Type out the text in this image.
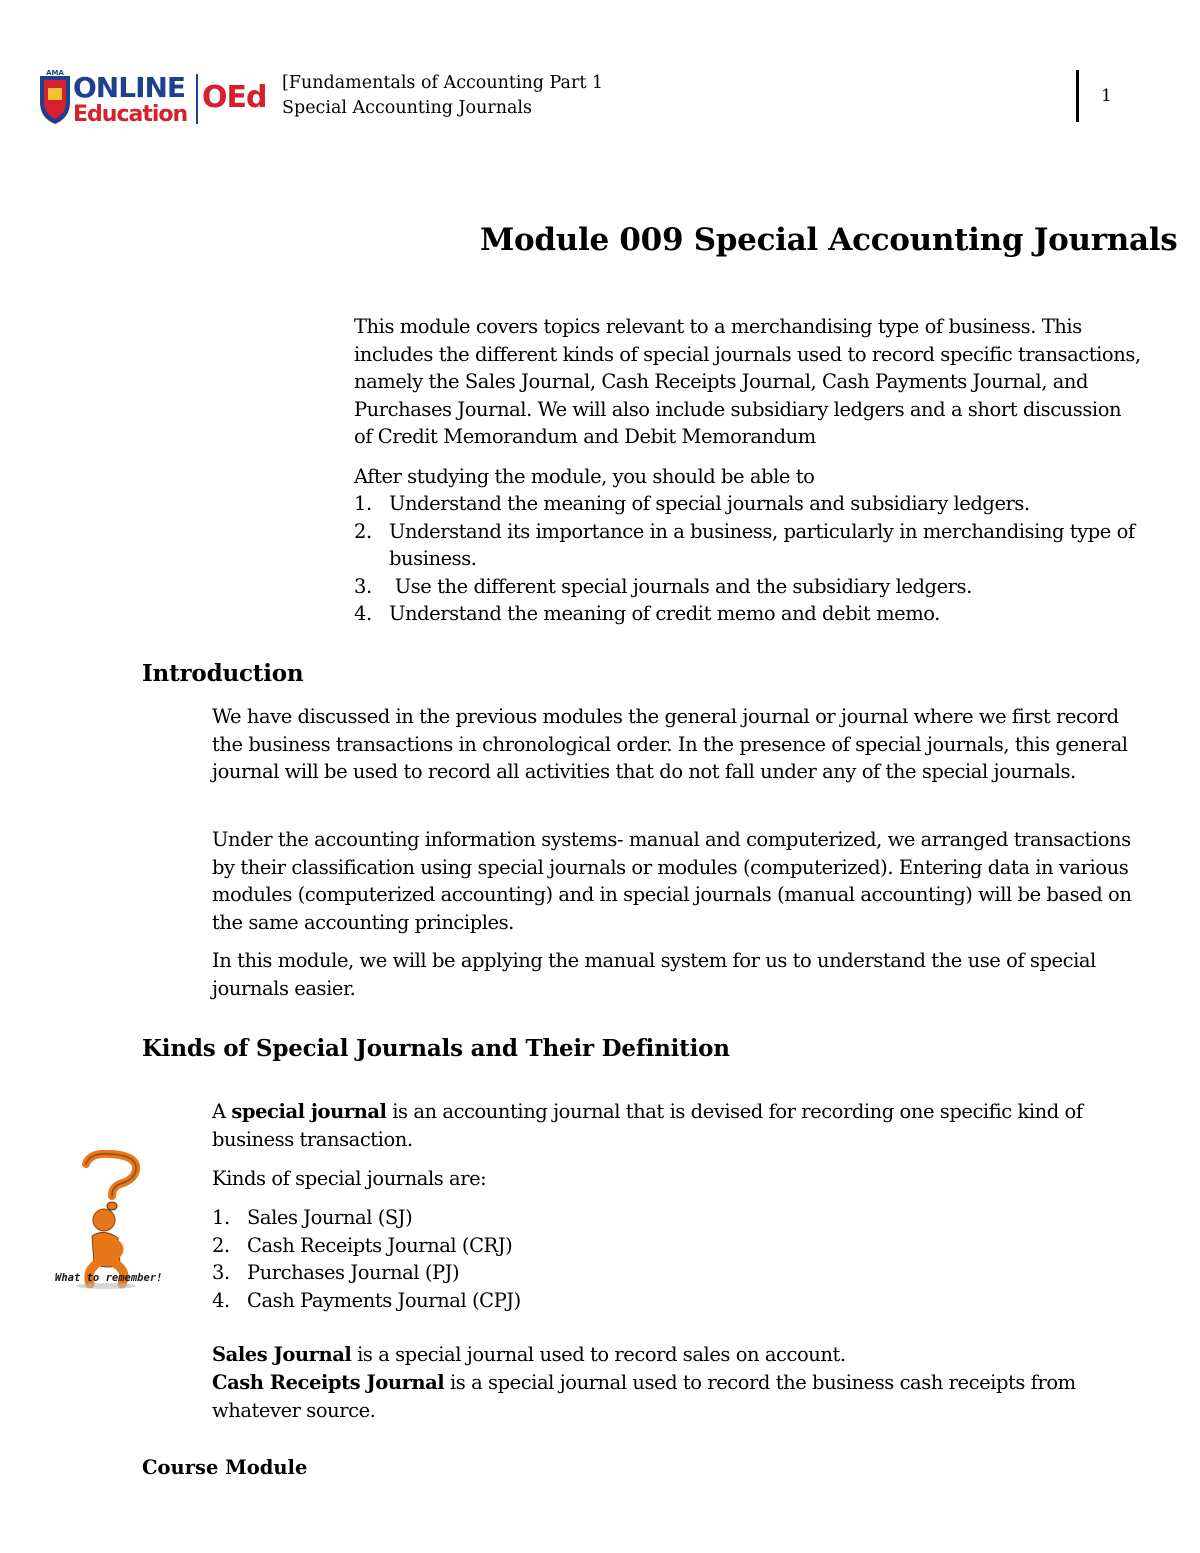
AMA ONLINE
Education OEd [Fundamentals of Accounting Part 1
Special Accounting Journals
1
Module 009 Special Accounting Journals

This module covers topics relevant to a merchandising type of business. This includes the different kinds of special journals used to record specific transactions, namely the Sales Journal, Cash Receipts Journal, Cash Payments Journal, and Purchases Journal. We will also include subsidiary ledgers and a short discussion of Credit Memorandum and Debit Memorandum

After studying the module, you should be able to

1. Understand the meaning of special journals and subsidiary ledgers.
2. Understand its importance in a business, particularly in merchandising type of business.
3. Use the different special journals and the subsidiary ledgers.
4. Understand the meaning of credit memo and debit memo.
Introduction

We have discussed in the previous modules the general journal or journal where we first record the business transactions in chronological order. In the presence of special journals, this general journal will be used to record all activities that do not fall under any of the special journals.

Under the accounting information systems- manual and computerized, we arranged transactions by their classification using special journals or modules (computerized). Entering data in various modules (computerized accounting) and in special journals (manual accounting) will be based on the same accounting principles.

In this module, we will be applying the manual system for us to understand the use of special journals easier.

Kinds of Special Journals and Their Definition

A special journal is an accounting journal that is devised for recording one specific kind of business transaction.

Kinds of special journals are:

1. Sales Journal (SJ)
2. Cash Receipts Journal (CRJ)
3. Purchases Journal (PJ)
4. Cash Payments Journal (CPJ)

Sales Journal is a special journal used to record sales on account.

Cash Receipts Journal is a special journal used to record the business cash receipts from whatever source.

What to remember!
Course Module
